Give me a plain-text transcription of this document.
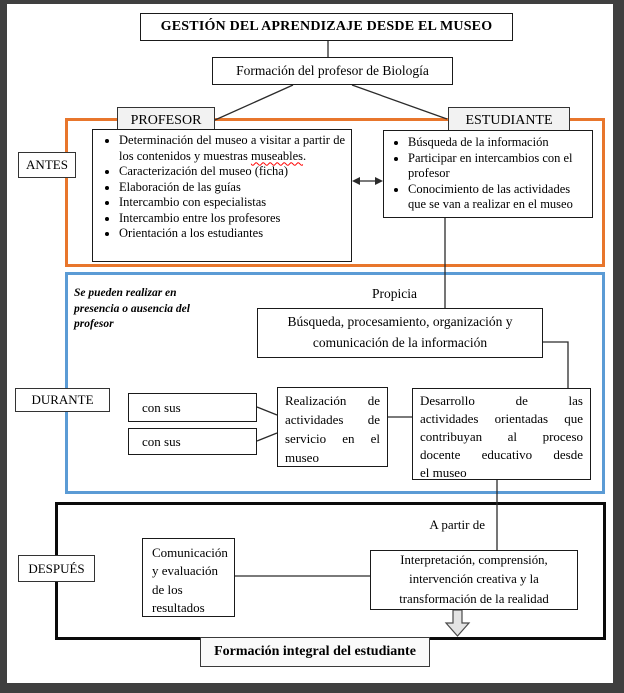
GESTIÓN DEL APRENDIZAJE DESDE EL MUSEO
Formación del profesor de Biología
PROFESOR	ESTUDIANTE
ANTES
DURANTE
DESPUÉS
• Determinación del museo a visitar a partir de los contenidos y muestras museables.
• Caracterización del museo (ficha)
• Elaboración de las guías
• Intercambio con especialistas
• Intercambio entre los profesores
• Orientación a los estudiantes
• Búsqueda de la información
• Participar en intercambios con el profesor
• Conocimiento de las actividades que se van a realizar en el museo
Se pueden realizar en presencia o ausencia del profesor
Propicia
Búsqueda, procesamiento, organización y
comunicación de la información
con sus
con sus
Realización de
actividades de
servicio en el
museo
Desarrollo de las
actividades orientadas que
contribuyan al proceso
docente educativo desde
el museo
A partir de
Comunicación
y evaluación
de los
resultados
Interpretación, comprensión,
intervención creativa y la
transformación de la realidad
Formación integral del estudiante
